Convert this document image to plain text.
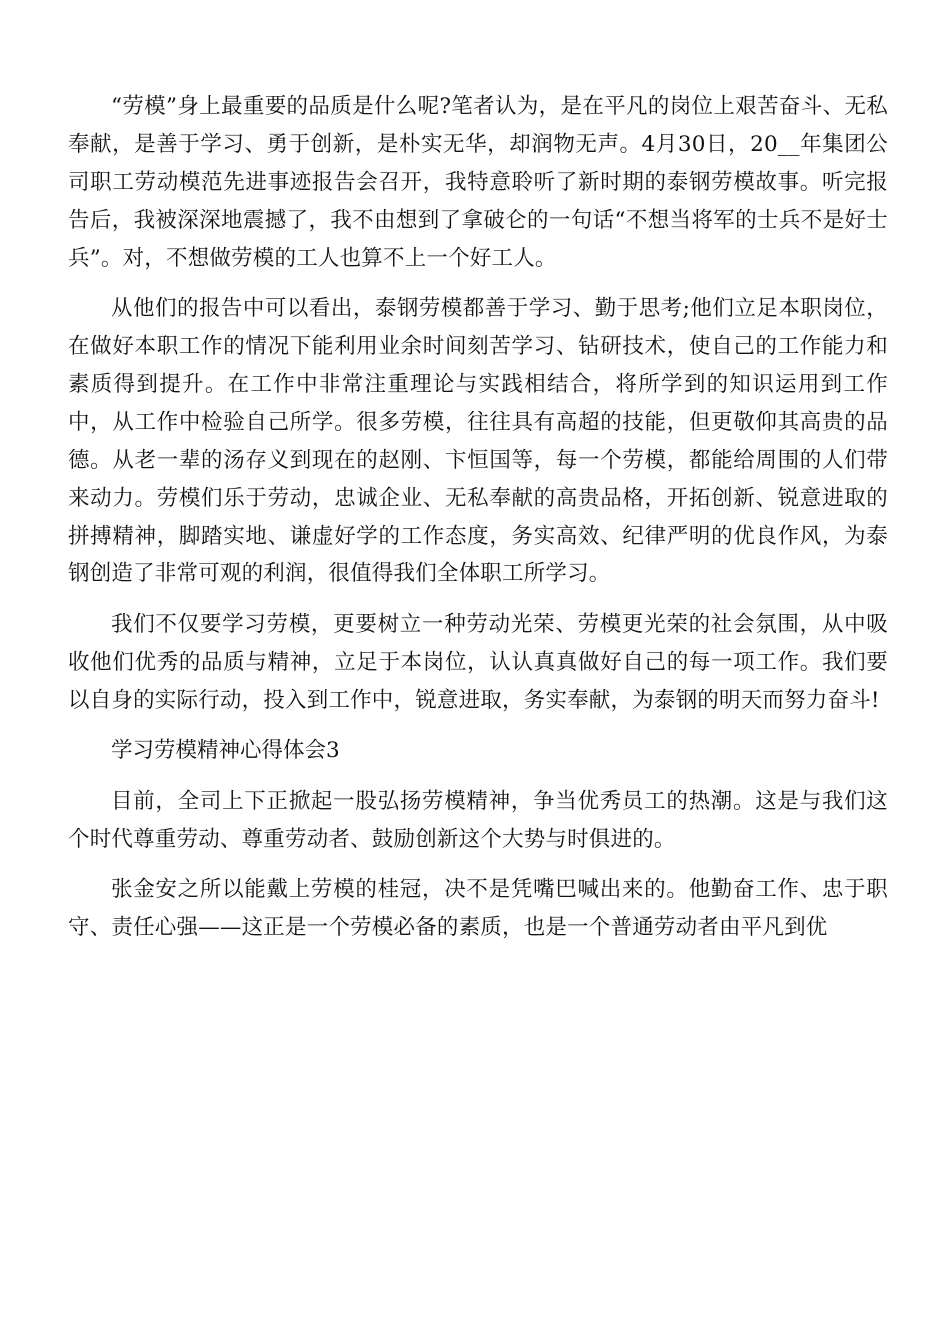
“劳模”身上最重要的品质是什么呢?笔者认为，是在平凡的岗位上艰苦奋斗、无私奉献，是善于学习、勇于创新，是朴实无华，却润物无声。4月30日，20__年集团公司职工劳动模范先进事迹报告会召开，我特意聆听了新时期的泰钢劳模故事。听完报告后，我被深深地震撼了，我不由想到了拿破仑的一句话“不想当将军的士兵不是好士兵”。对，不想做劳模的工人也算不上一个好工人。

从他们的报告中可以看出，泰钢劳模都善于学习、勤于思考;他们立足本职岗位，在做好本职工作的情况下能利用业余时间刻苦学习、钻研技术，使自己的工作能力和素质得到提升。在工作中非常注重理论与实践相结合，将所学到的知识运用到工作中，从工作中检验自己所学。很多劳模，往往具有高超的技能，但更敬仰其高贵的品德。从老一辈的汤存义到现在的赵刚、卞恒国等，每一个劳模，都能给周围的人们带来动力。劳模们乐于劳动，忠诚企业、无私奉献的高贵品格，开拓创新、锐意进取的拼搏精神，脚踏实地、谦虚好学的工作态度，务实高效、纪律严明的优良作风，为泰钢创造了非常可观的利润，很值得我们全体职工所学习。

我们不仅要学习劳模，更要树立一种劳动光荣、劳模更光荣的社会氛围，从中吸收他们优秀的品质与精神，立足于本岗位，认认真真做好自己的每一项工作。我们要以自身的实际行动，投入到工作中，锐意进取，务实奉献，为泰钢的明天而努力奋斗!

学习劳模精神心得体会3

目前，全司上下正掀起一股弘扬劳模精神，争当优秀员工的热潮。这是与我们这个时代尊重劳动、尊重劳动者、鼓励创新这个大势与时俱进的。

张金安之所以能戴上劳模的桂冠，决不是凭嘴巴喊出来的。他勤奋工作、忠于职守、责任心强——这正是一个劳模必备的素质，也是一个普通劳动者由平凡到优
